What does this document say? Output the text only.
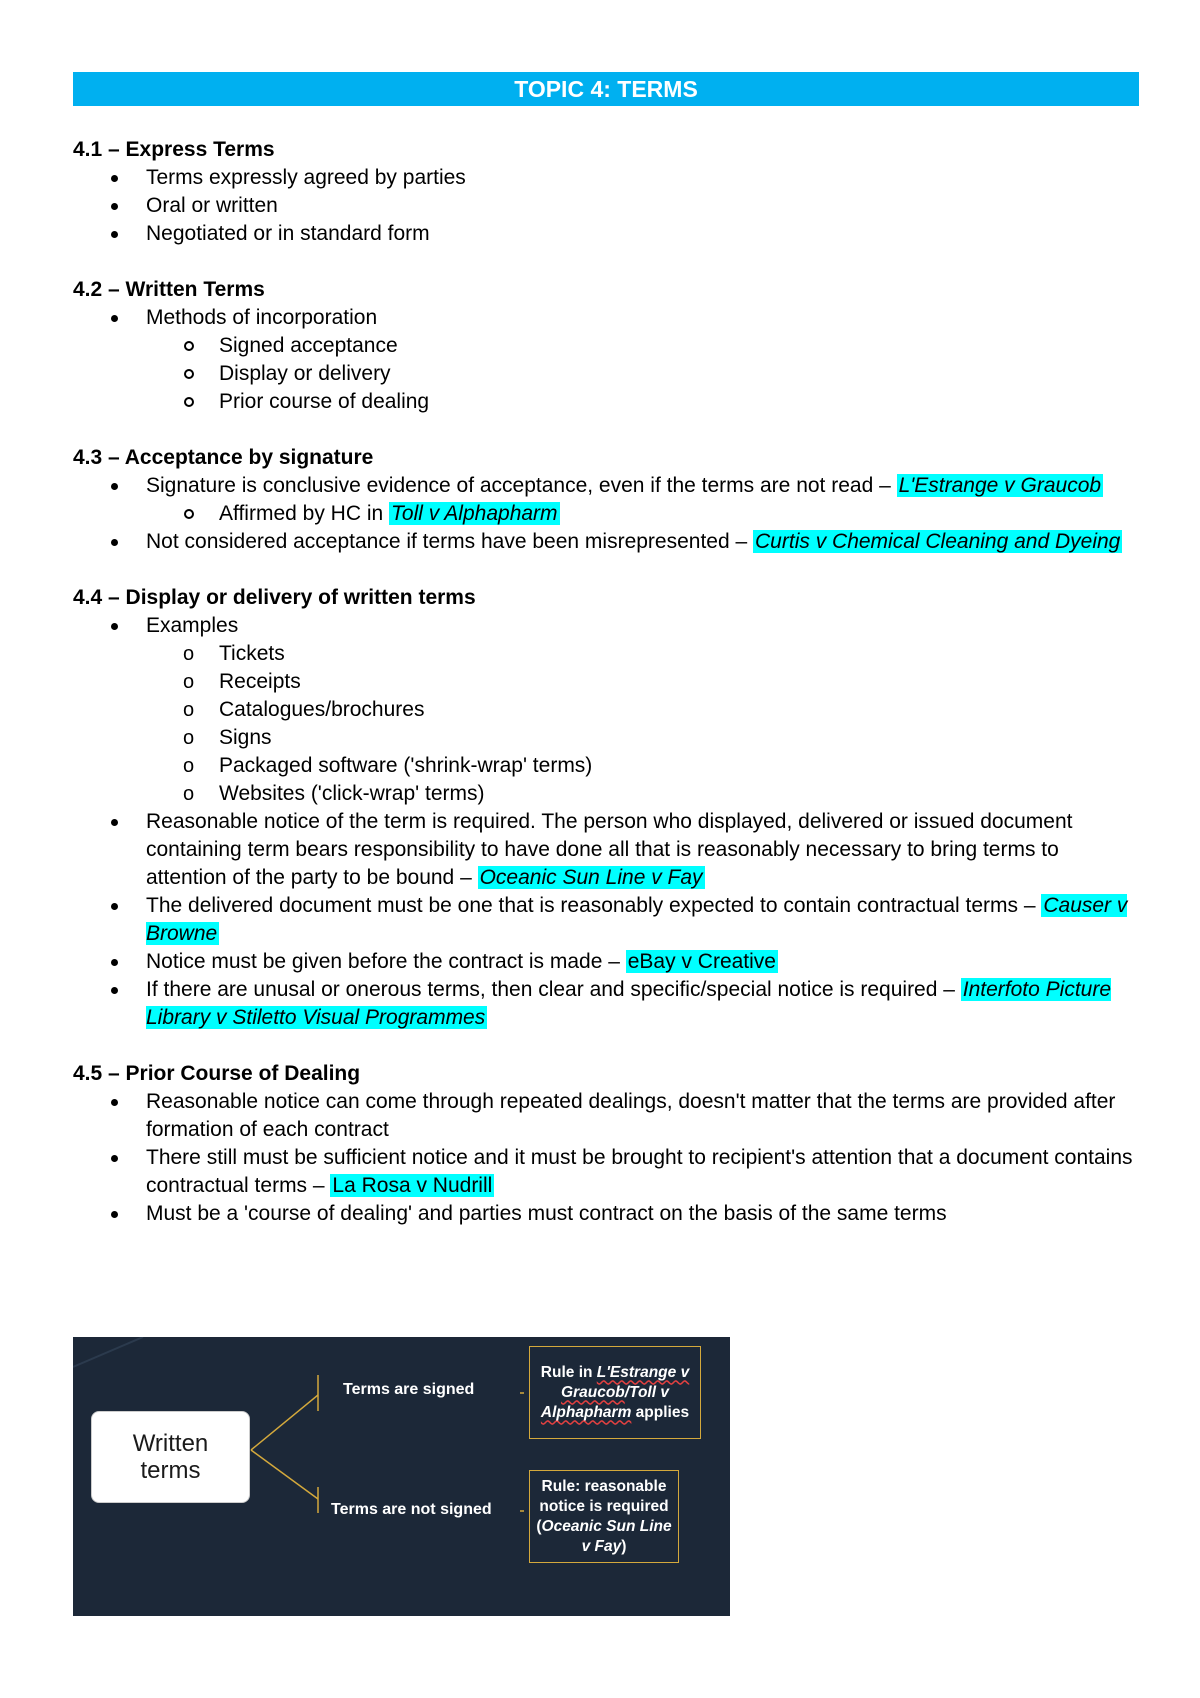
TOPIC 4: TERMS

4.1 – Express Terms

Terms expressly agreed by parties
Oral or written
Negotiated or in standard form

4.2 – Written Terms

Methods of incorporation
Signed acceptance
Display or delivery
Prior course of dealing

4.3 – Acceptance by signature

Signature is conclusive evidence of acceptance, even if the terms are not read – L'Estrange v Graucob
Affirmed by HC in Toll v Alphapharm
Not considered acceptance if terms have been misrepresented – Curtis v Chemical Cleaning and Dyeing

4.4 – Display or delivery of written terms

Examples
o Tickets
o Receipts
o Catalogues/brochures
o Signs
o Packaged software ('shrink-wrap' terms)
o Websites ('click-wrap' terms)
Reasonable notice of the term is required. The person who displayed, delivered or issued document containing term bears responsibility to have done all that is reasonably necessary to bring terms to attention of the party to be bound – Oceanic Sun Line v Fay
The delivered document must be one that is reasonably expected to contain contractual terms – Causer v Browne
Notice must be given before the contract is made – eBay v Creative
If there are unusal or onerous terms, then clear and specific/special notice is required – Interfoto Picture Library v Stiletto Visual Programmes

4.5 – Prior Course of Dealing

Reasonable notice can come through repeated dealings, doesn't matter that the terms are provided after formation of each contract
There still must be sufficient notice and it must be brought to recipient's attention that a document contains contractual terms – La Rosa v Nudrill
Must be a 'course of dealing' and parties must contract on the basis of the same terms
Written
terms
Terms are signed
Terms are not signed
Rule in L'Estrange v Graucob/Toll v Alphapharm applies
Rule: reasonable notice is required (Oceanic Sun Line v Fay)
